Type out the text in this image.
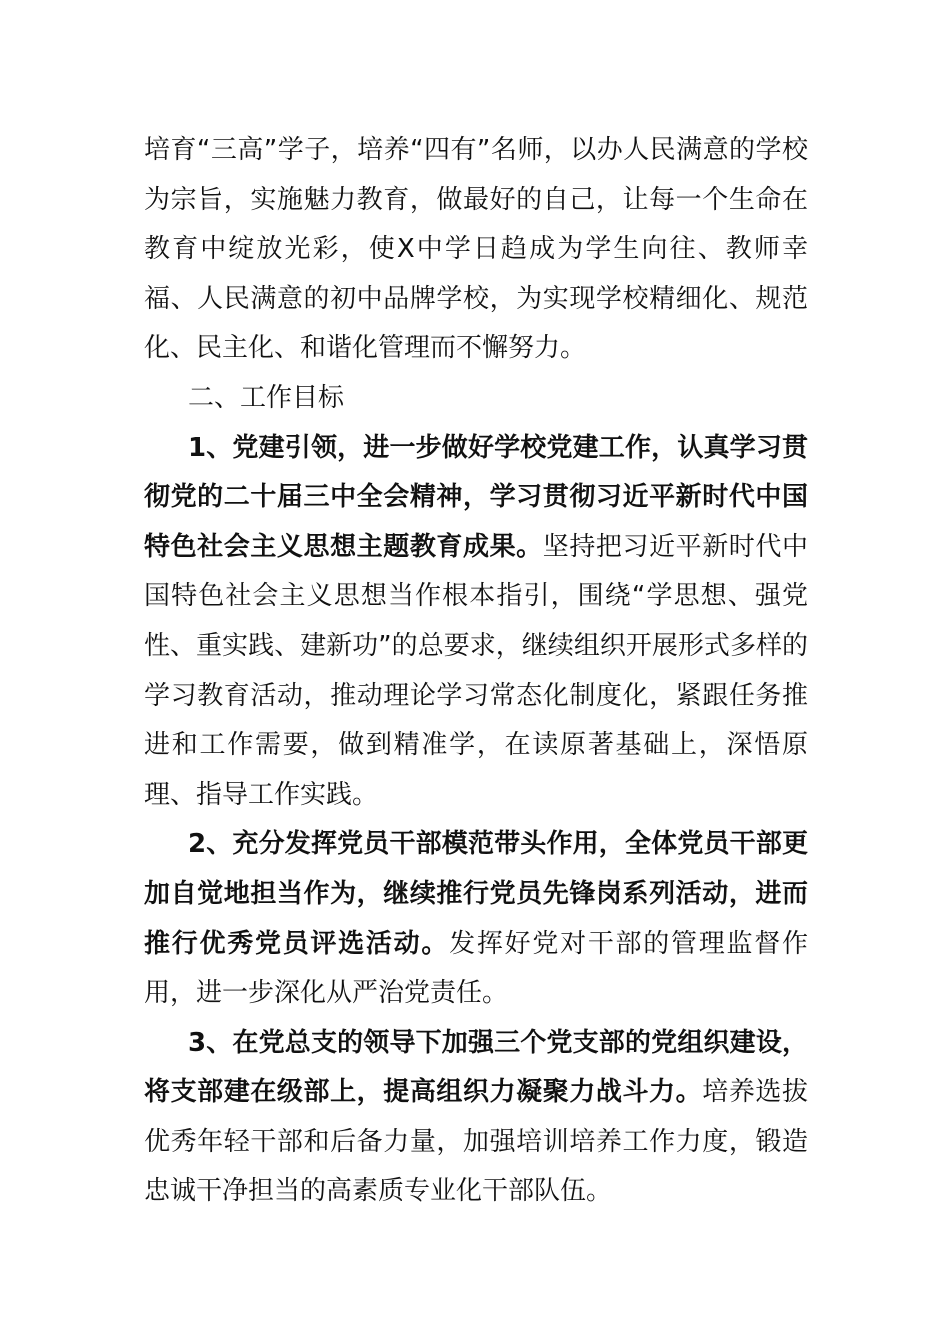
培育“三高”学子，培养“四有”名师，以办人民满意的学校为宗旨，实施魅力教育，做最好的自己，让每一个生命在教育中绽放光彩，使X中学日趋成为学生向往、教师幸福、人民满意的初中品牌学校，为实现学校精细化、规范化、民主化、和谐化管理而不懈努力。

二、工作目标

1、党建引领，进一步做好学校党建工作，认真学习贯彻党的二十届三中全会精神，学习贯彻习近平新时代中国特色社会主义思想主题教育成果。坚持把习近平新时代中国特色社会主义思想当作根本指引，围绕“学思想、强党性、重实践、建新功”的总要求，继续组织开展形式多样的学习教育活动，推动理论学习常态化制度化，紧跟任务推进和工作需要，做到精准学，在读原著基础上，深悟原理、指导工作实践。

2、充分发挥党员干部模范带头作用，全体党员干部更加自觉地担当作为，继续推行党员先锋岗系列活动，进而推行优秀党员评选活动。发挥好党对干部的管理监督作用，进一步深化从严治党责任。

3、在党总支的领导下加强三个党支部的党组织建设，将支部建在级部上，提高组织力凝聚力战斗力。培养选拔优秀年轻干部和后备力量，加强培训培养工作力度，锻造忠诚干净担当的高素质专业化干部队伍。
